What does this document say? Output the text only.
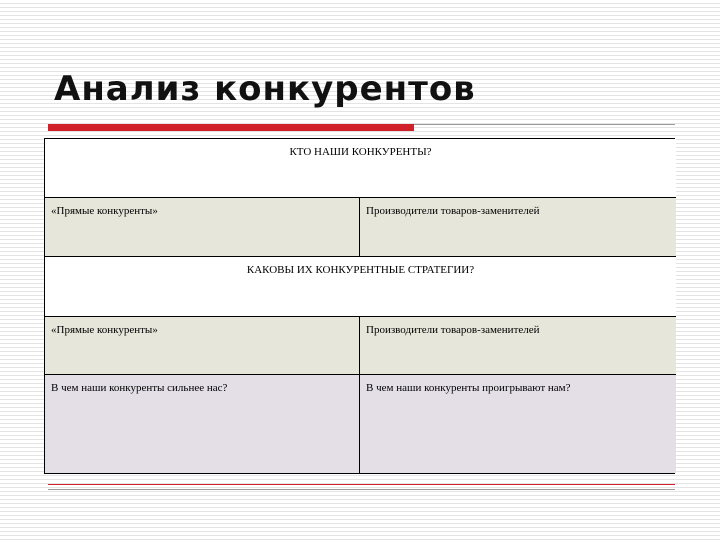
Анализ конкурентов
КТО НАШИ КОНКУРЕНТЫ?
«Прямые конкуренты»	Производители товаров-заменителей
КАКОВЫ ИХ КОНКУРЕНТНЫЕ СТРАТЕГИИ?
«Прямые конкуренты»	Производители товаров-заменителей
В чем наши конкуренты сильнее нас?	В чем наши конкуренты проигрывают нам?
